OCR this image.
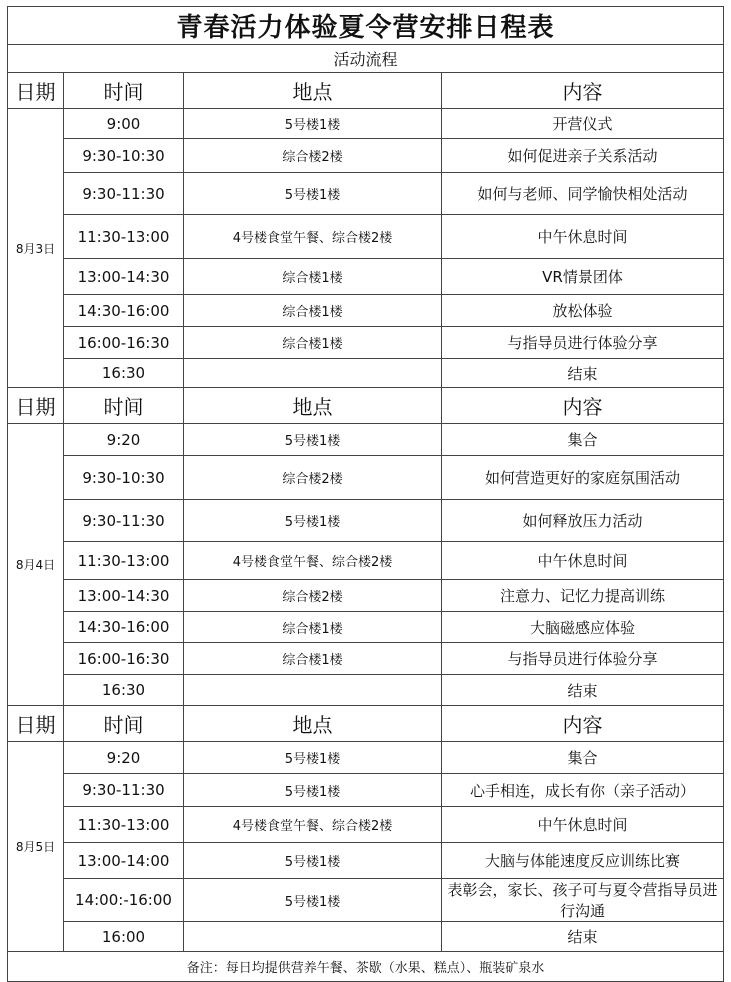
青春活力体验夏令营安排日程表			
活动流程			
日期	时间	地点	内容
8月3日	9:00	5号楼1楼	开营仪式
	9:30-10:30	综合楼2楼	如何促进亲子关系活动
	9:30-11:30	5号楼1楼	如何与老师、同学愉快相处活动
	11:30-13:00	4号楼食堂午餐、综合楼2楼	中午休息时间
	13:00-14:30	综合楼1楼	VR情景团体
	14:30-16:00	综合楼1楼	放松体验
	16:00-16:30	综合楼1楼	与指导员进行体验分享
	16:30		结束
日期	时间	地点	内容
8月4日	9:20	5号楼1楼	集合
	9:30-10:30	综合楼2楼	如何营造更好的家庭氛围活动
	9:30-11:30	5号楼1楼	如何释放压力活动
	11:30-13:00	4号楼食堂午餐、综合楼2楼	中午休息时间
	13:00-14:30	综合楼2楼	注意力、记忆力提高训练
	14:30-16:00	综合楼1楼	大脑磁感应体验
	16:00-16:30	综合楼1楼	与指导员进行体验分享
	16:30		结束
日期	时间	地点	内容
8月5日	9:20	5号楼1楼	集合
	9:30-11:30	5号楼1楼	心手相连，成长有你（亲子活动）
	11:30-13:00	4号楼食堂午餐、综合楼2楼	中午休息时间
	13:00-14:00	5号楼1楼	大脑与体能速度反应训练比赛
	14:00:-16:00	5号楼1楼	表彰会，家长、孩子可与夏令营指导员进行沟通
	16:00		结束
备注：每日均提供营养午餐、茶歇（水果、糕点）、瓶装矿泉水			
